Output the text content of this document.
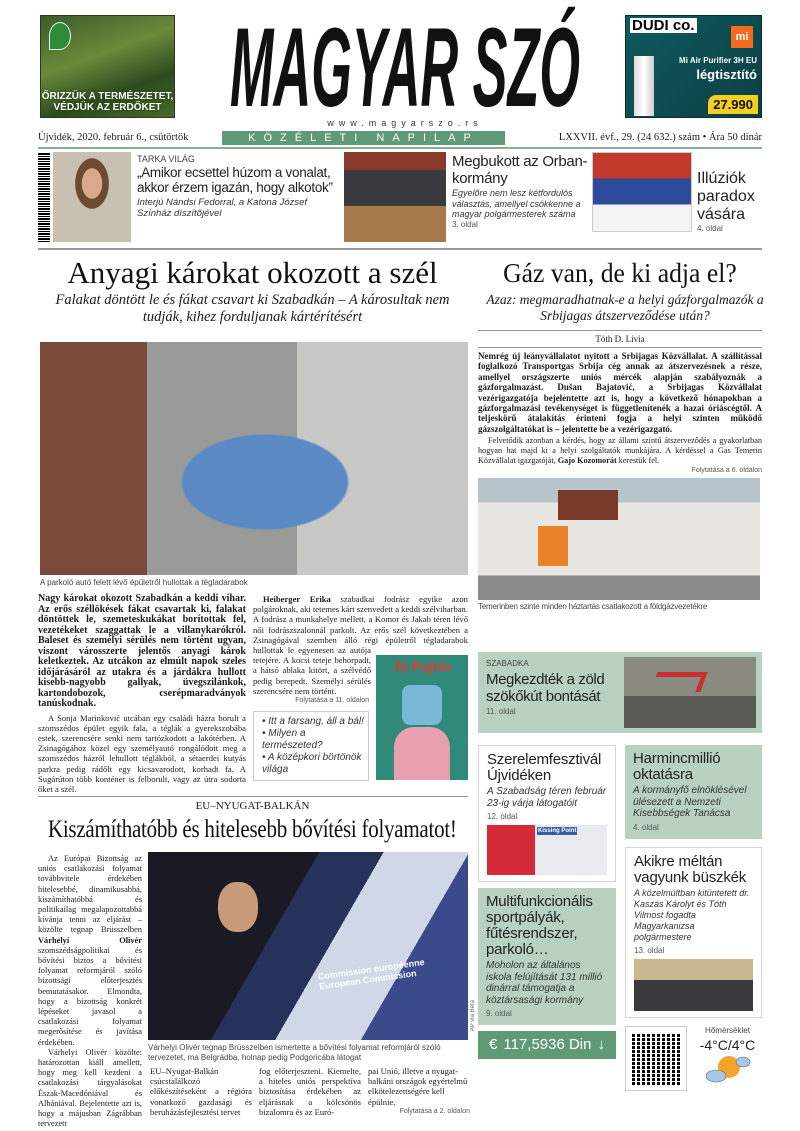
ŐRIZZÜK A TERMÉSZETET,
VÉDJÜK AZ ERDŐKET MAGYAR SZÓ
www.magyarszo.rs
DUDI co.
mi
Mi Air Purifier 3H EU
légtisztító
27.990
Újvidék, 2020. február 6., csütörtök	KÖZÉLETI NAPILAP	LXXVII. évf., 29. (24 632.) szám • Ára 50 dinár
TARKA VILÁG
„Amikor ecsettel húzom a vonalat, akkor érzem igazán, hogy alkotok”
Interjú Nándsi Fedorral, a Katona József Színház díszítőjével
Megbukott az Orban-kormány
Egyelőre nem lesz kétfordulós választás, amellyel csökkenne a magyar polgármesterek száma
3. oldal
Illúziók paradox vására
4. oldal
Anyagi károkat okozott a szél
Falakat döntött le és fákat csavart ki Szabadkán – A károsultak nem tudják, kihez forduljanak kártérítésért
A parkoló autó felett lévő épületről hullottak a tégladarabok
Nagy károkat okozott Szabadkán a keddi vihar. Az erős széllökések fákat csavartak ki, falakat döntöttek le, szemeteskukákat borítottak fel, vezetékeket szaggattak le a villanykarókról. Baleset és személyi sérülés nem történt ugyan, viszont városszerte jelentős anyagi károk keletkeztek. Az utcákon az elmúlt napok szeles időjárásáról az utakra és a járdákra hullott kisebb-nagyobb gallyak, üvegszilánkok, kartondobozok, cserépmaradványok tanúskodnak.
A Sonja Marinković utcában egy családi házra borult a szomszédos épület egyik fala, a téglák a gyerekszobába estek, szerencsére senki nem tartózkodott a lakótérben. A Zsinagógához közel egy személyautó rongálódott meg a szomszédos házról lehullott téglákból, a sétaerdei kutyás parkra pedig rádőlt egy kicsavarodott, korhadt fa. A Sugárúton több konténer is felborult, vagy az útra sodorta őket a szél.
Heiberger Erika szabadkai fodrász egyike azon polgároknak, aki tetemes kárt szenvedett a keddi szélviharban. A fodrász a munkahelye mellett, a Komor és Jakab téren lévő női fodrászszalonnál parkolt. Az erős szél következtében a Zsinagógával szemben álló régi épületről tégladarabok hullottak le egyenesen az autója tetejére. A kocsi teteje behorpadt, a hátsó ablaka kitört, a szélvédő pedig berepedt. Személyi sérülés szerencsére nem történt.
Folytatása a 11. oldalon
• Itt a farsang, áll a bál!
• Milyen a természeted?
• A középkori börtönök világa
Jó Pajtás
Gáz van, de ki adja el?
Azaz: megmaradhatnak-e a helyi gázforgalmazók a Srbijagas átszerveződése után?
Tóth D. Lívia
Nemrég új leányvállalatot nyitott a Srbijagas Közvállalat. A szállítással foglalkozó Transportgas Srbija cég annak az átszervezésnek a része, amellyel országszerte uniós mércék alapján szabályoznák a gázforgalmazást. Dušan Bajatović, a Srbijagas Közvállalat vezérigazgatója bejelentette azt is, hogy a következő hónapokban a gázforgalmazási tevékenységet is függetlenítenék a hazai óriáscégtől. A teljeskörű átalakítás érinteni fogja a helyi szinten működő gázszolgáltatókat is – jelentette be a vezérigazgató.
Felvetődik azonban a kérdés, hogy az állami szintű átszerveződés a gyakorlatban hogyan hat majd ki a helyi szolgáltatók munkájára. A kérdéssel a Gas Temerin Közvállalat igazgatóját, Gajo Kozomorát kerestük fel.
Folytatása a 6. oldalon
Temerinben szinte minden háztartás csatlakozott a földgázvezetékre
EU–NYUGAT-BALKÁN
Kiszámíthatóbb és hitelesebb bővítési folyamatot!
Commission européenne European Commission
AP via Beta
Várhelyi Olivér tegnap Brüsszelben ismertette a bővítési folyamat reformjáról szóló tervezetet, ma Belgrádba, holnap pedig Podgoricába látogat
Az Európai Bizottság az uniós csatlakozási folyamat továbbvitele érdekében hitelesebbé, dinamikusabbá, kiszámíthatóbbá és politikailag megalapozottabbá kívánja tenni az eljárást – közölte tegnap Brüsszelben Várhelyi Olivér szomszédságpolitikai és bővítési biztos a bővítési folyamat reformjáról szóló bizottsági előterjesztés bemutatásakor. Elmondta, hogy a bizottság konkrét lépéseket javasol a csatlakozási folyamat megerősítése és javítása érdekében.
Várhelyi Olivér közölte: határozottan kiáll amellett, hogy meg kell kezdeni a csatlakozási tárgyalásokat Észak-Macedóniával és Albániával. Bejelentette azt is, hogy a májusban Zágrábban tervezett
EU–Nyugat-Balkán csúcstalálkozó előkészítéseként a régióra vonatkozó gazdasági és beruházásfejlesztési tervet
fog előterjeszteni. Kiemelte, a hiteles uniós perspektíva biztosítása érdekében az eljárásnak a kölcsönös bizalomra és az Euró-
pai Unió, illetve a nyugat-balkáni országok egyértelmű elkötelezettségére kell épülnie.
Folytatása a 2. oldalon
SZABADKA
Megkezdték a zöld szökőkút bontását
11. oldal
Szerelemfesztivál Újvidéken
A Szabadság téren február 23-ig várja látogatóit
12. oldal
Kissing Point
Multifunkcionális sportpályák, fűtésrendszer, parkoló…
Moholon az általános iskola felújítását 131 millió dinárral támogatja a köztársasági kormány
9. oldal
€ 117,5936 Din ↓
Harmincmillió oktatásra
A kormányfő elnöklésével ülésezett a Nemzeti Kisebbségek Tanácsa
4. oldal
Akikre méltán vagyunk büszkék
A közelmúltban kitüntetett dr. Kaszás Károlyt és Tóth Vilmost fogadta Magyarkanizsa polgármestere
13. oldal
Hőmérséklet
-4°C/4°C
